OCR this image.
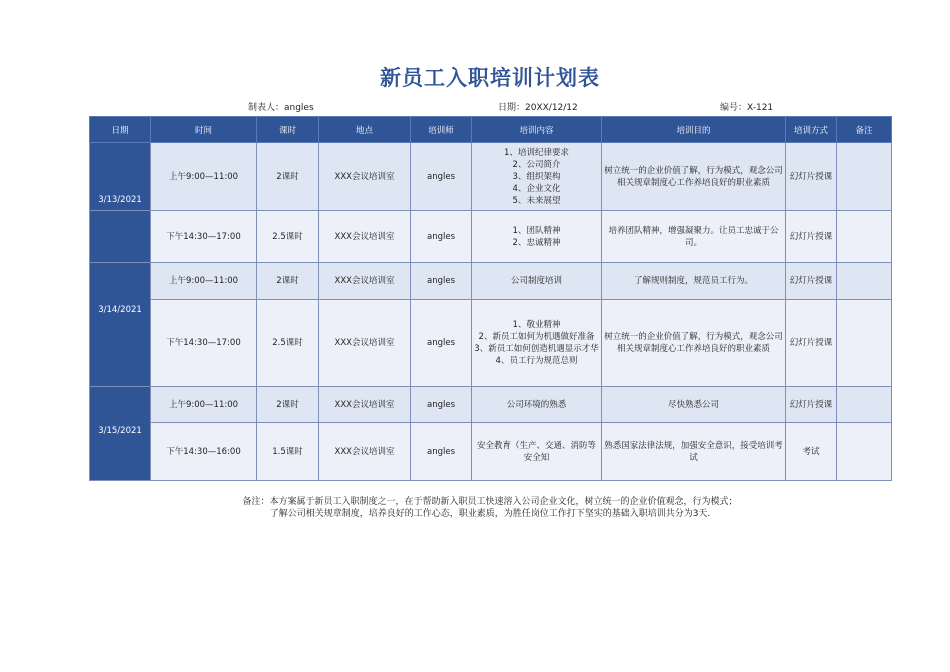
新员工入职培训计划表
制表人：angles	日期：20XX/12/12	编号：X-121
日期	时间	课时	地点	培训师	培训内容	培训目的	培训方式	备注
3/13/2021	上午9:00—11:00	2课时	XXX会议培训室	angles	1、培训纪律要求
2、公司简介
3、组织架构
4、企业文化
5、未来展望	树立统一的企业价值了解，行为模式，观念公司相关规章制度心工作养培良好的职业素质	幻灯片授课	
	下午14:30—17:00	2.5课时	XXX会议培训室	angles	1、团队精神
2、忠诚精神	培养团队精神，增强凝聚力。让员工忠诚于公司。	幻灯片授课	
3/14/2021	上午9:00—11:00	2课时	XXX会议培训室	angles	公司制度培训	了解规则制度，规范员工行为。	幻灯片授课	
	下午14:30—17:00	2.5课时	XXX会议培训室	angles	1、敬业精神
2、新员工如何为机遇做好准备
3、新员工如何创造机遇显示才华
4、员工行为规范总则	树立统一的企业价值了解，行为模式，观念公司相关规章制度心工作养培良好的职业素质	幻灯片授课	
3/15/2021	上午9:00—11:00	2课时	XXX会议培训室	angles	公司环境的熟悉	尽快熟悉公司	幻灯片授课	
	下午14:30—16:00	1.5课时	XXX会议培训室	angles	安全教育（生产、交通、消防等安全知	熟悉国家法律法规，加强安全意识，接受培训考试	考试	
备注：本方案属于新员工入职制度之一，在于帮助新入职员工快速溶入公司企业文化，树立统一的企业价值观念，行为模式；
了解公司相关规章制度，培养良好的工作心态，职业素质，为胜任岗位工作打下坚实的基础入职培训共分为3天.
